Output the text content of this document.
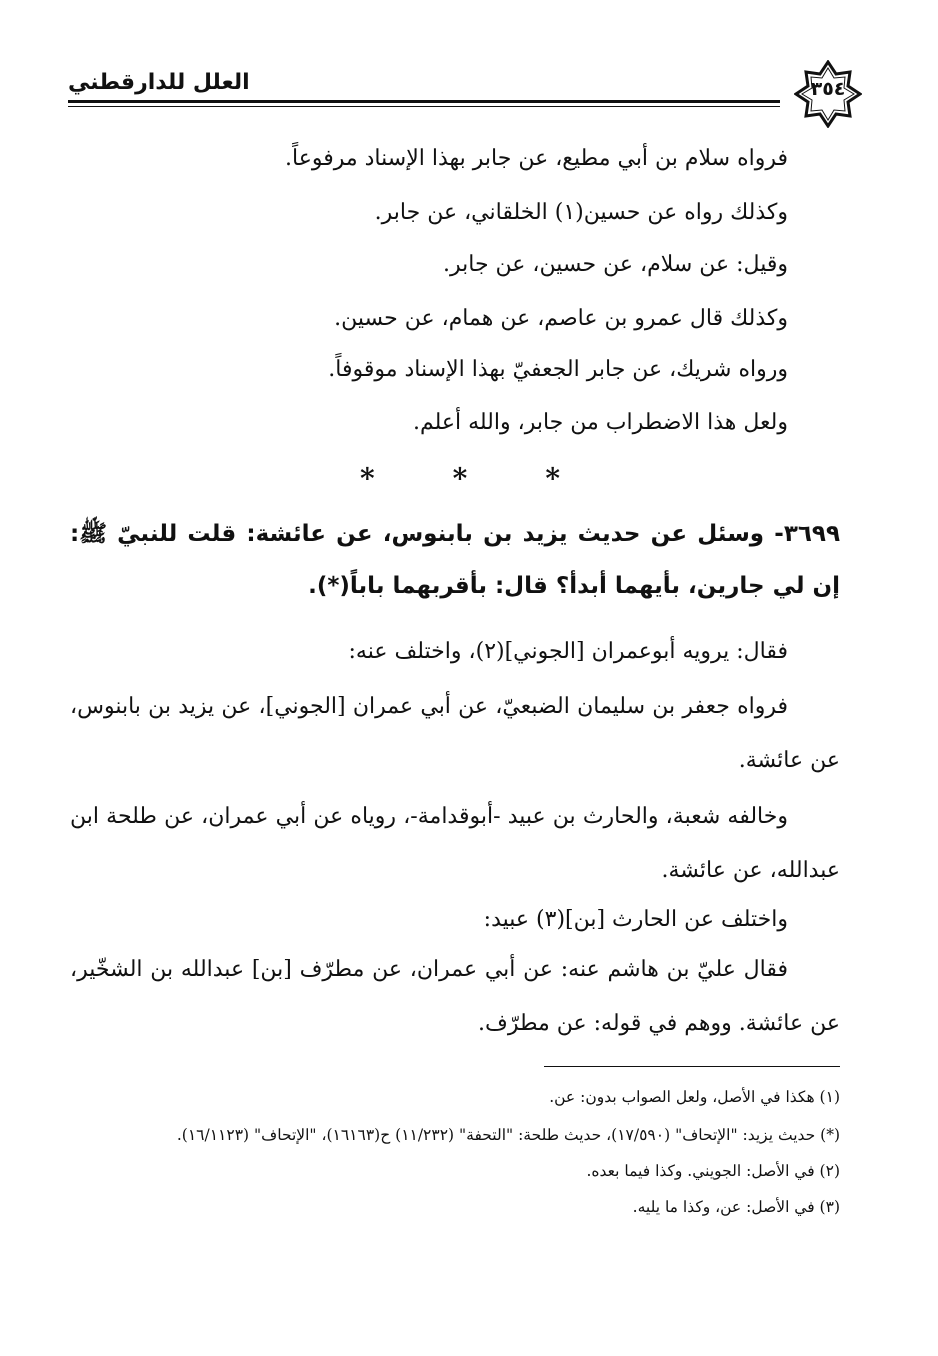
العلل للدارقطني	٣٥٤
فرواه سلام بن أبي مطيع، عن جابر بهذا الإسناد مرفوعاً.
وكذلك رواه عن حسين(١) الخلقاني، عن جابر.
وقيل: عن سلام، عن حسين، عن جابر.
وكذلك قال عمرو بن عاصم، عن همام، عن حسين.
ورواه شريك، عن جابر الجعفيّ بهذا الإسناد موقوفاً.
ولعل هذا الاضطراب من جابر، والله أعلم.
*	*	*
٣٦٩٩- وسئل عن حديث يزيد بن بابنوس، عن عائشة: قلت للنبيّ ﷺ: إن لي جارين، بأيهما أبدأ؟ قال: بأقربهما باباً(*).
فقال: يرويه أبوعمران [الجوني](٢)، واختلف عنه:
فرواه جعفر بن سليمان الضبعيّ، عن أبي عمران [الجوني]، عن يزيد بن بابنوس، عن عائشة.
وخالفه شعبة، والحارث بن عبيد -أبوقدامة-، روياه عن أبي عمران، عن طلحة ابن عبدالله، عن عائشة.
واختلف عن الحارث [بن](٣) عبيد:
فقال عليّ بن هاشم عنه: عن أبي عمران، عن مطرّف [بن] عبدالله بن الشخّير، عن عائشة. ووهم في قوله: عن مطرّف.
(١) هكذا في الأصل، ولعل الصواب بدون: عن.
(*) حديث يزيد: "الإتحاف" (١٧/٥٩٠)، حديث طلحة: "التحفة" (١١/٢٣٢) ح(١٦١٦٣)، "الإتحاف" (١٦/١١٢٣).
(٢) في الأصل: الجويني. وكذا فيما بعده.
(٣) في الأصل: عن، وكذا ما يليه.
